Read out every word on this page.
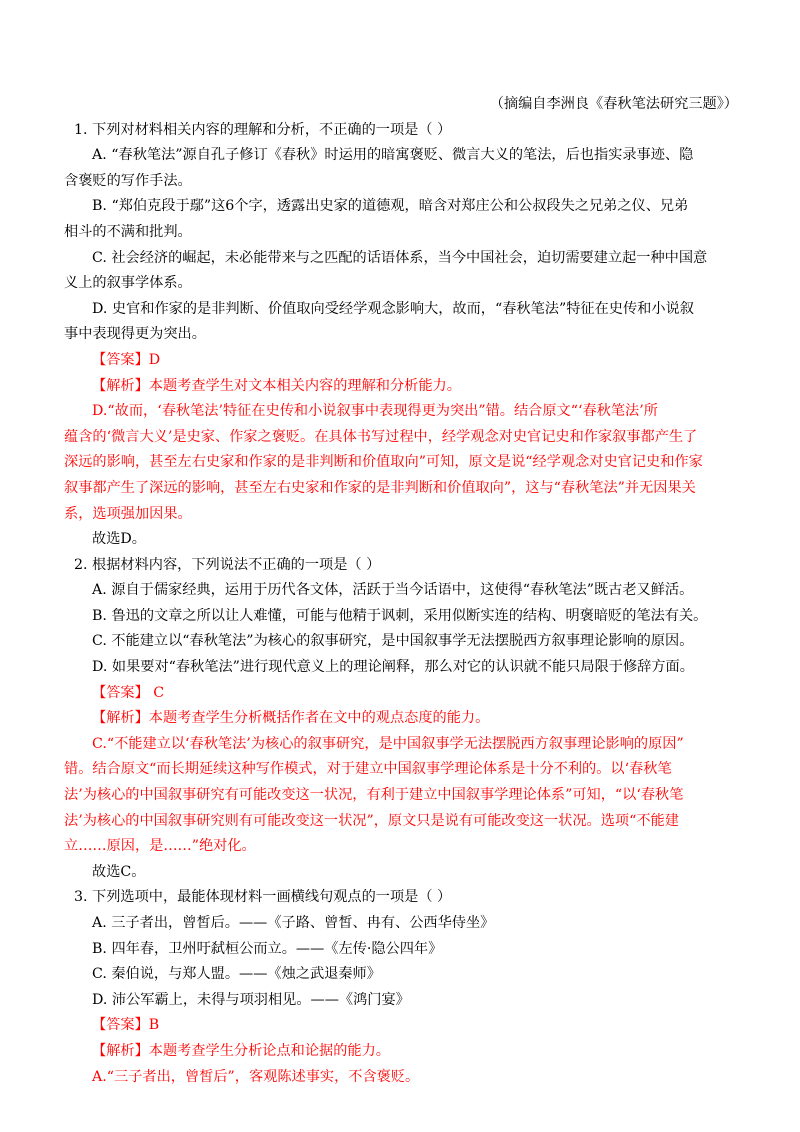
（摘编自李洲良《春秋笔法研究三题》）
1. 下列对材料相关内容的理解和分析，不正确的一项是（ ）
A. “春秋笔法”源自孔子修订《春秋》时运用的暗寓褒贬、微言大义的笔法，后也指实录事迹、隐
含褒贬的写作手法。
B. “郑伯克段于鄢”这6个字，透露出史家的道德观，暗含对郑庄公和公叔段失之兄弟之仪、兄弟
相斗的不满和批判。
C. 社会经济的崛起，未必能带来与之匹配的话语体系，当今中国社会，迫切需要建立起一种中国意
义上的叙事学体系。
D. 史官和作家的是非判断、价值取向受经学观念影响大，故而，“春秋笔法”特征在史传和小说叙
事中表现得更为突出。
【答案】D
【解析】本题考查学生对文本相关内容的理解和分析能力。
D.“故而，‘春秋笔法’特征在史传和小说叙事中表现得更为突出”错。结合原文“‘春秋笔法’所
蕴含的‘微言大义’是史家、作家之褒贬。在具体书写过程中，经学观念对史官记史和作家叙事都产生了
深远的影响，甚至左右史家和作家的是非判断和价值取向”可知，原文是说“经学观念对史官记史和作家
叙事都产生了深远的影响，甚至左右史家和作家的是非判断和价值取向”，这与“春秋笔法”并无因果关
系，选项强加因果。
故选D。
2. 根据材料内容，下列说法不正确的一项是（ ）
A. 源自于儒家经典，运用于历代各文体，活跃于当今话语中，这使得“春秋笔法”既古老又鲜活。
B. 鲁迅的文章之所以让人难懂，可能与他精于讽刺，采用似断实连的结构、明褒暗贬的笔法有关。
C. 不能建立以“春秋笔法”为核心的叙事研究，是中国叙事学无法摆脱西方叙事理论影响的原因。
D. 如果要对“春秋笔法”进行现代意义上的理论阐释，那么对它的认识就不能只局限于修辞方面。
【答案】 C
【解析】本题考查学生分析概括作者在文中的观点态度的能力。
C.“不能建立以‘春秋笔法’为核心的叙事研究，是中国叙事学无法摆脱西方叙事理论影响的原因”
错。结合原文“而长期延续这种写作模式，对于建立中国叙事学理论体系是十分不利的。以‘春秋笔
法’为核心的中国叙事研究有可能改变这一状况，有利于建立中国叙事学理论体系”可知，“以‘春秋笔
法’为核心的中国叙事研究则有可能改变这一状况”，原文只是说有可能改变这一状况。选项“不能建
立……原因，是……”绝对化。
故选C。
3. 下列选项中，最能体现材料一画横线句观点的一项是（ ）
A. 三子者出，曾皙后。——《子路、曾皙、冉有、公西华侍坐》
B. 四年春，卫州吁弑桓公而立。——《左传·隐公四年》
C. 秦伯说，与郑人盟。——《烛之武退秦师》
D. 沛公军霸上，未得与项羽相见。——《鸿门宴》
【答案】B
【解析】本题考查学生分析论点和论据的能力。
A.“三子者出，曾皙后”，客观陈述事实，不含褒贬。
